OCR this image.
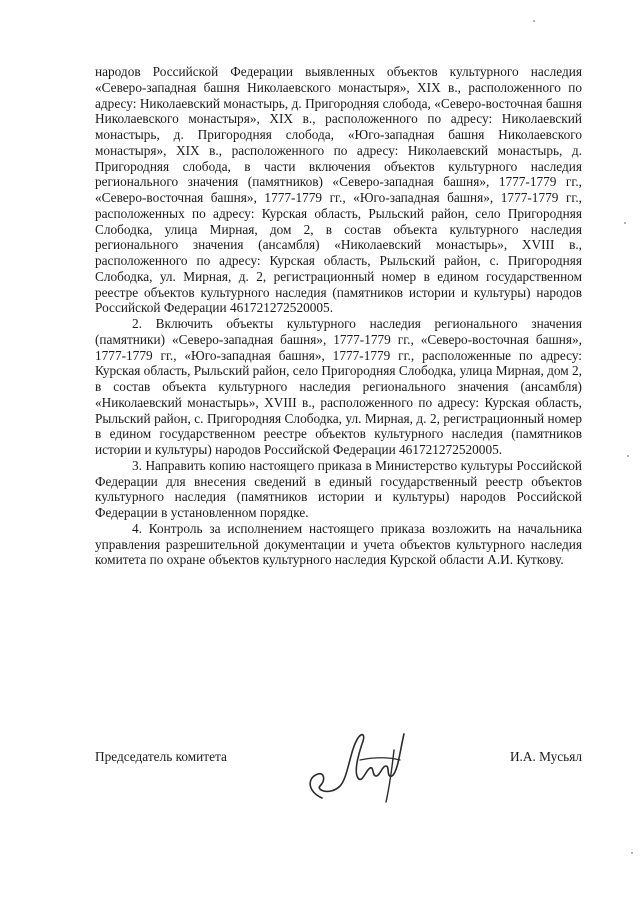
народов Российской Федерации выявленных объектов культурного наследия «Северо-западная башня Николаевского монастыря», XIX в., расположенного по адресу: Николаевский монастырь, д. Пригородняя слобода, «Северо-восточная башня Николаевского монастыря», XIX в., расположенного по адресу: Николаевский монастырь, д. Пригородняя слобода, «Юго-западная башня Николаевского монастыря», XIX в., расположенного по адресу: Николаевский монастырь, д. Пригородняя слобода, в части включения объектов культурного наследия регионального значения (памятников) «Северо-западная башня», 1777-1779 гг., «Северо-восточная башня», 1777-1779 гг., «Юго-западная башня», 1777-1779 гг., расположенных по адресу: Курская область, Рыльский район, село Пригородняя Слободка, улица Мирная, дом 2, в состав объекта культурного наследия регионального значения (ансамбля) «Николаевский монастырь», XVIII в., расположенного по адресу: Курская область, Рыльский район, с. Пригородняя Слободка, ул. Мирная, д. 2, регистрационный номер в едином государственном реестре объектов культурного наследия (памятников истории и культуры) народов Российской Федерации 461721272520005.

2. Включить объекты культурного наследия регионального значения (памятники) «Северо-западная башня», 1777-1779 гг., «Северо-восточная башня», 1777-1779 гг., «Юго-западная башня», 1777-1779 гг., расположенные по адресу: Курская область, Рыльский район, село Пригородняя Слободка, улица Мирная, дом 2, в состав объекта культурного наследия регионального значения (ансамбля) «Николаевский монастырь», XVIII в., расположенного по адресу: Курская область, Рыльский район, с. Пригородняя Слободка, ул. Мирная, д. 2, регистрационный номер в едином государственном реестре объектов культурного наследия (памятников истории и культуры) народов Российской Федерации 461721272520005.

3. Направить копию настоящего приказа в Министерство культуры Российской Федерации для внесения сведений в единый государственный реестр объектов культурного наследия (памятников истории и культуры) народов Российской Федерации в установленном порядке.

4. Контроль за исполнением настоящего приказа возложить на начальника управления разрешительной документации и учета объектов культурного наследия комитета по охране объектов культурного наследия Курской области А.И. Куткову.

Председатель комитета	И.А. Мусьял
